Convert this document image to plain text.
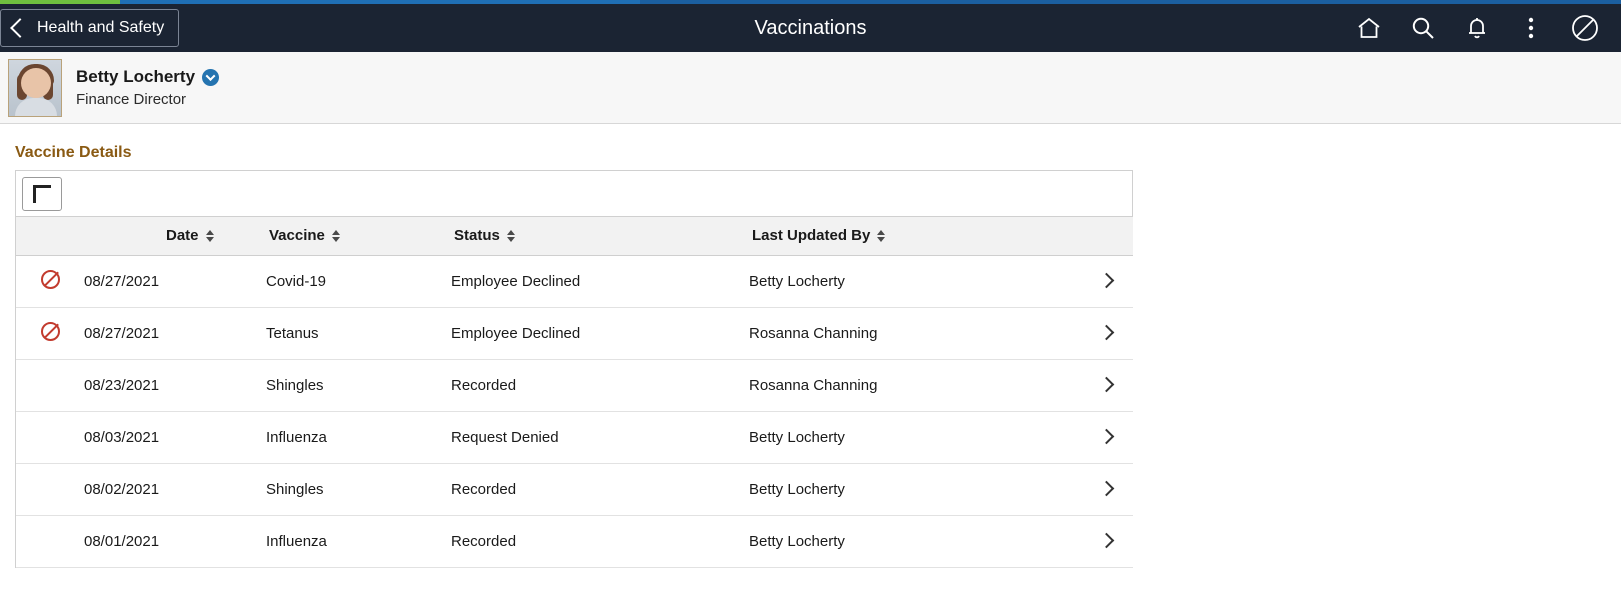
Health and Safety	Vaccinations
Betty Locherty
Finance Director
Vaccine Details

	Date	Vaccine	Status	Last Updated By	

	08/27/2021	Covid-19	Employee Declined	Betty Locherty	
	08/27/2021	Tetanus	Employee Declined	Rosanna Channing	
	08/23/2021	Shingles	Recorded	Rosanna Channing	
	08/03/2021	Influenza	Request Denied	Betty Locherty	
	08/02/2021	Shingles	Recorded	Betty Locherty	
	08/01/2021	Influenza	Recorded	Betty Locherty	
